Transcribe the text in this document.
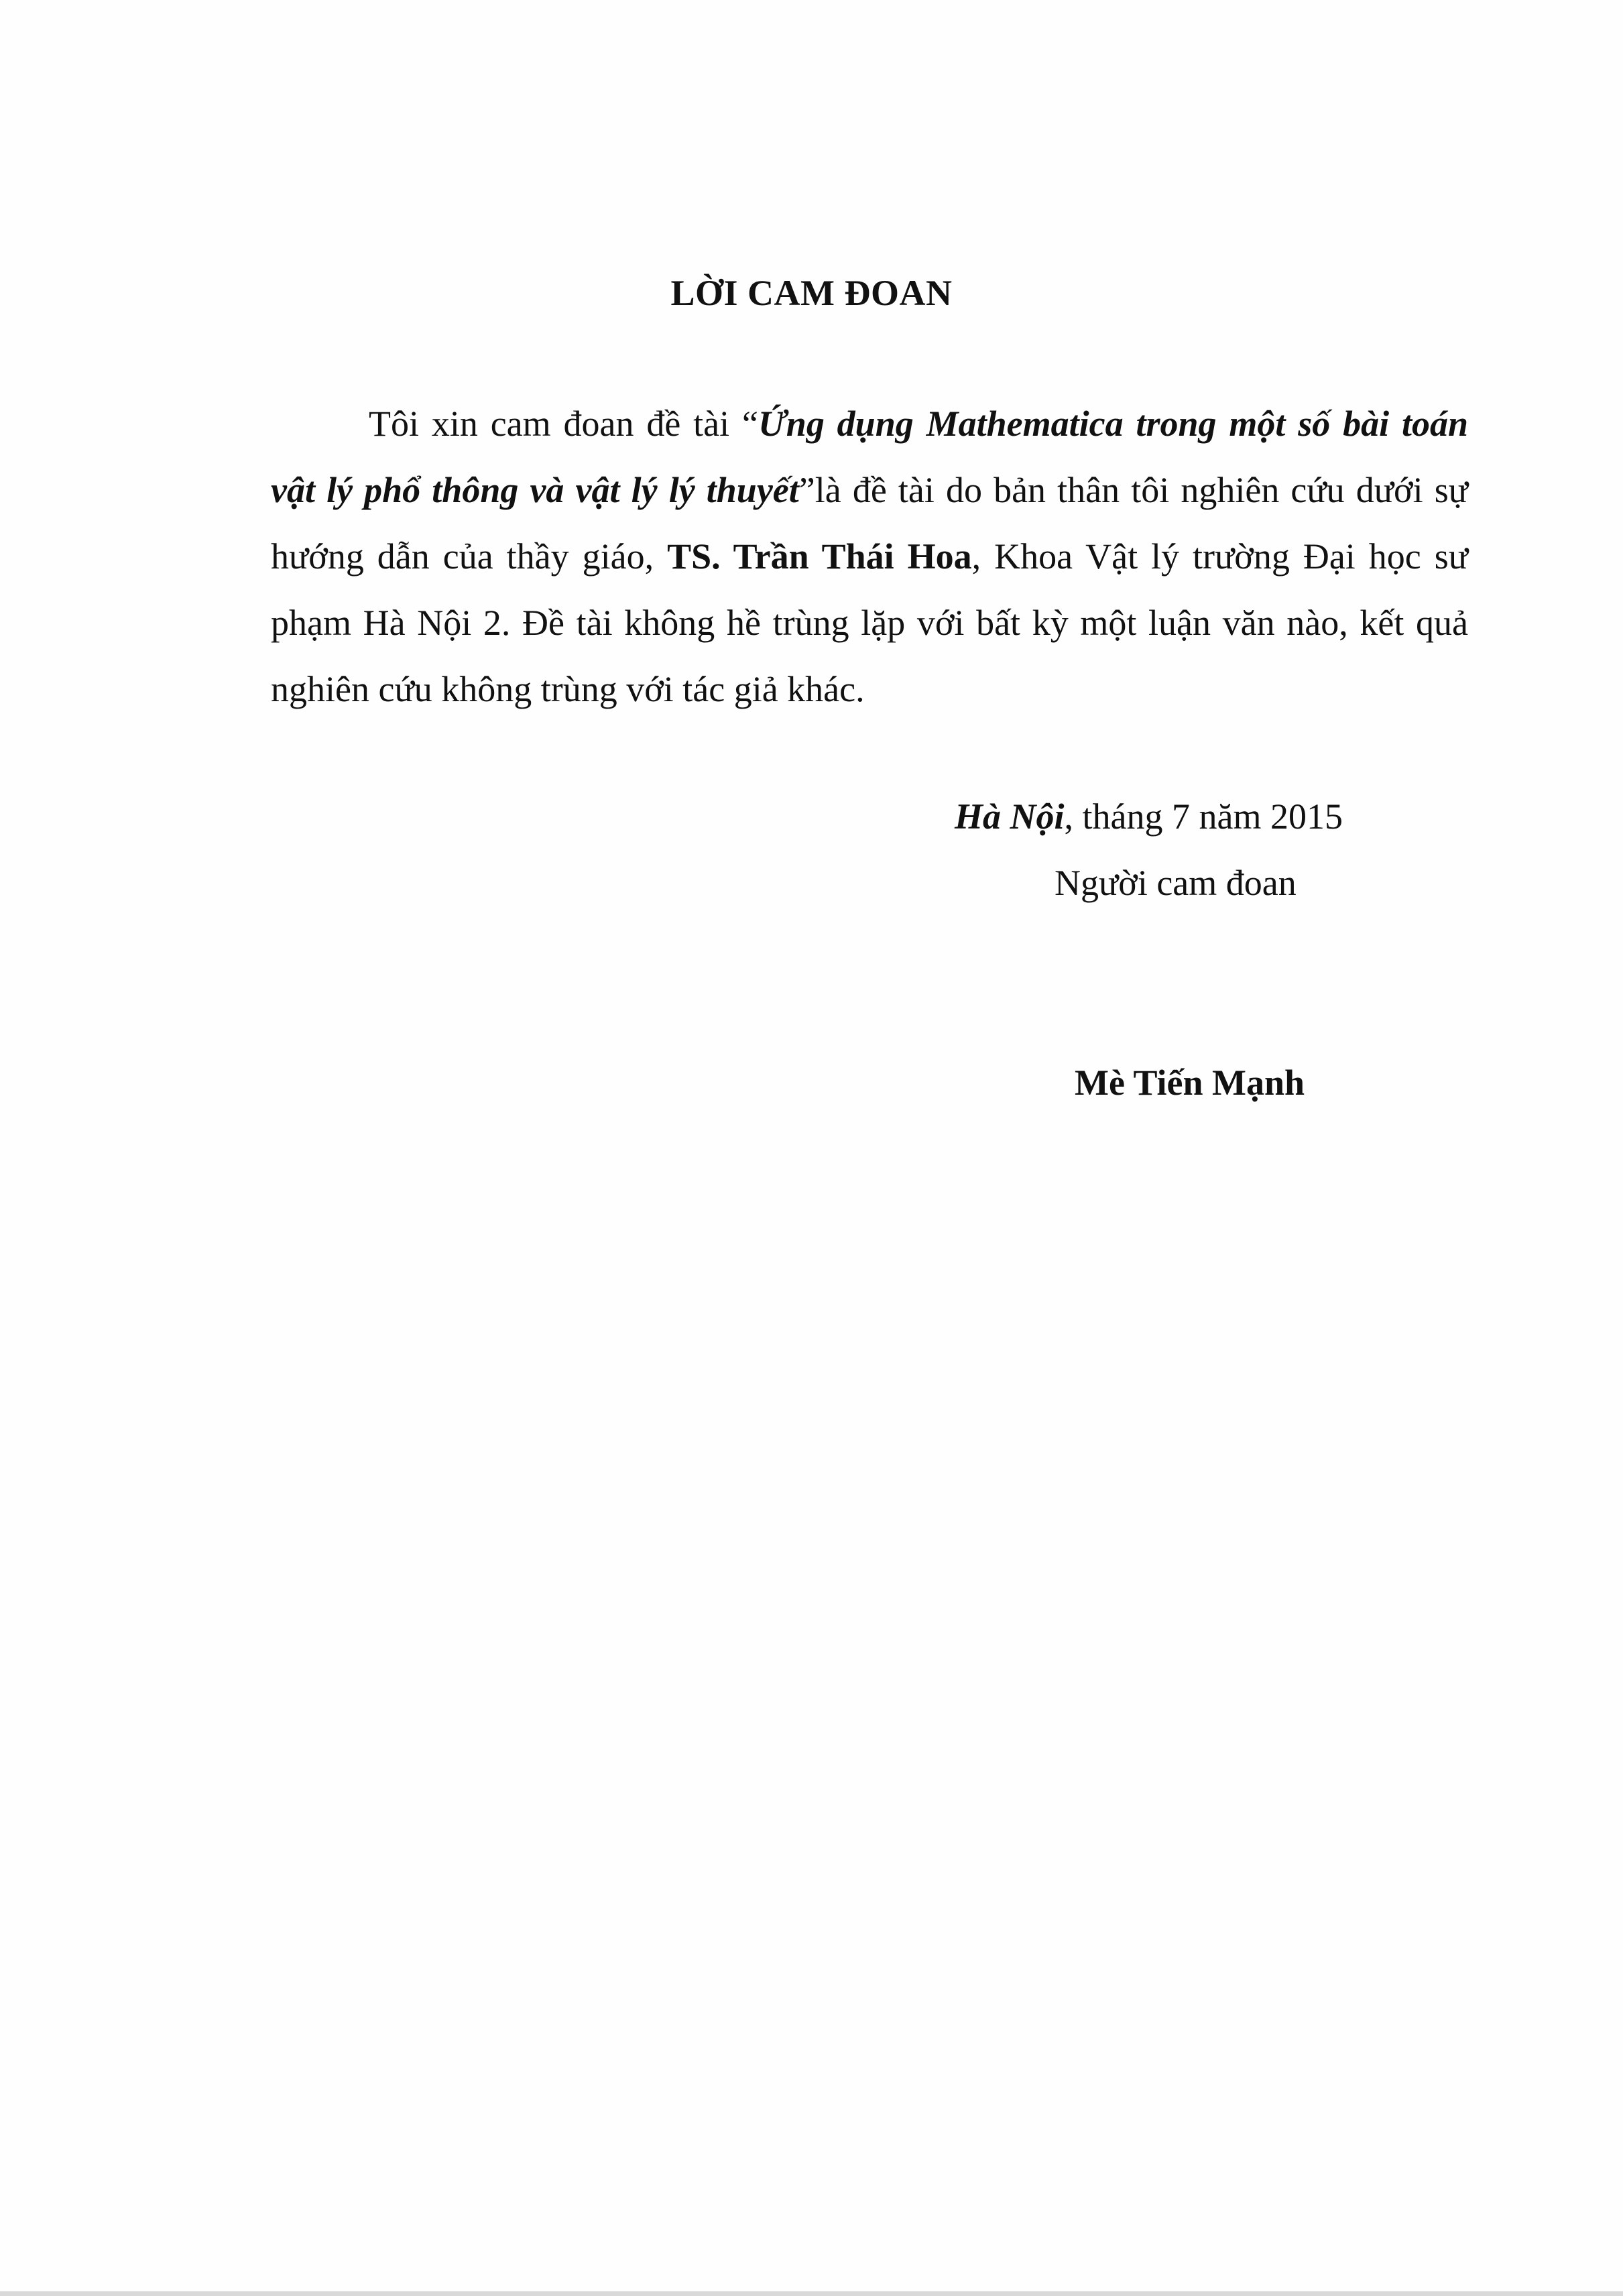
LỜI CAM ĐOAN
Tôi xin cam đoan đề tài “Ứng dụng Mathematica trong một số bài toán vật lý phổ thông và vật lý lý thuyết”là đề tài do bản thân tôi nghiên cứu dưới sự hướng dẫn của thầy giáo, TS. Trần Thái Hoa, Khoa Vật lý trường Đại học sư phạm Hà Nội 2. Đề tài không hề trùng lặp với bất kỳ một luận văn nào, kết quả nghiên cứu không trùng với tác giả khác.
Hà Nội, tháng 7 năm 2015
Người cam đoan
Mè Tiến Mạnh
